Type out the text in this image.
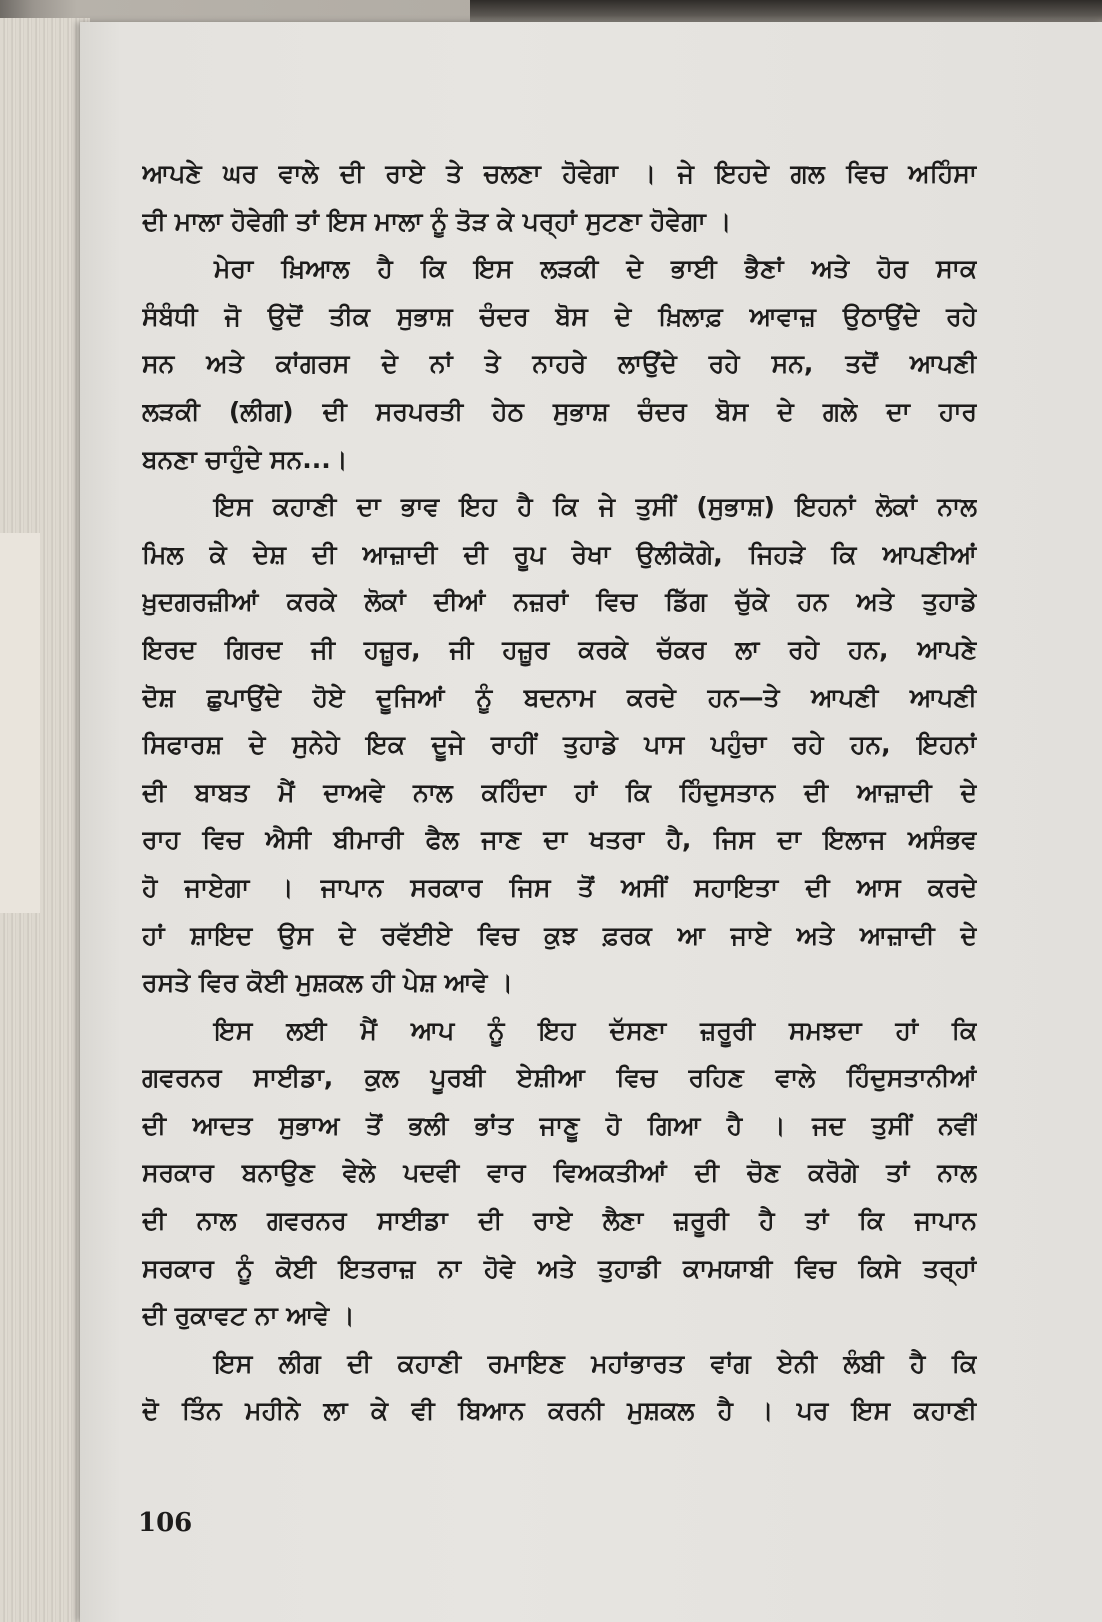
ਆਪਣੇ ਘਰ ਵਾਲੇ ਦੀ ਰਾਏ ਤੇ ਚਲਣਾ ਹੋਵੇਗਾ । ਜੇ ਇਹਦੇ ਗਲ ਵਿਚ ਅਹਿੰਸਾ
ਦੀ ਮਾਲਾ ਹੋਵੇਗੀ ਤਾਂ ਇਸ ਮਾਲਾ ਨੂੰ ਤੋੜ ਕੇ ਪਰ੍ਹਾਂ ਸੁਟਣਾ ਹੋਵੇਗਾ ।
ਮੇਰਾ ਖ਼ਿਆਲ ਹੈ ਕਿ ਇਸ ਲੜਕੀ ਦੇ ਭਾਈ ਭੈਣਾਂ ਅਤੇ ਹੋਰ ਸਾਕ
ਸੰਬੰਧੀ ਜੋ ਉਦੋਂ ਤੀਕ ਸੁਭਾਸ਼ ਚੰਦਰ ਬੋਸ ਦੇ ਖ਼ਿਲਾਫ਼ ਆਵਾਜ਼ ਉਠਾਉਂਦੇ ਰਹੇ
ਸਨ ਅਤੇ ਕਾਂਗਰਸ ਦੇ ਨਾਂ ਤੇ ਨਾਹਰੇ ਲਾਉਂਦੇ ਰਹੇ ਸਨ, ਤਦੋਂ ਆਪਣੀ
ਲੜਕੀ (ਲੀਗ) ਦੀ ਸਰਪਰਤੀ ਹੇਠ ਸੁਭਾਸ਼ ਚੰਦਰ ਬੋਸ ਦੇ ਗਲੇ ਦਾ ਹਾਰ
ਬਨਣਾ ਚਾਹੁੰਦੇ ਸਨ...।
ਇਸ ਕਹਾਣੀ ਦਾ ਭਾਵ ਇਹ ਹੈ ਕਿ ਜੇ ਤੁਸੀਂ (ਸੁਭਾਸ਼) ਇਹਨਾਂ ਲੋਕਾਂ ਨਾਲ
ਮਿਲ ਕੇ ਦੇਸ਼ ਦੀ ਆਜ਼ਾਦੀ ਦੀ ਰੂਪ ਰੇਖਾ ਉਲੀਕੋਗੇ, ਜਿਹੜੇ ਕਿ ਆਪਣੀਆਂ
ਖ਼ੁਦਗਰਜ਼ੀਆਂ ਕਰਕੇ ਲੋਕਾਂ ਦੀਆਂ ਨਜ਼ਰਾਂ ਵਿਚ ਡਿੱਗ ਚੁੱਕੇ ਹਨ ਅਤੇ ਤੁਹਾਡੇ
ਇਰਦ ਗਿਰਦ ਜੀ ਹਜ਼ੂਰ, ਜੀ ਹਜ਼ੂਰ ਕਰਕੇ ਚੱਕਰ ਲਾ ਰਹੇ ਹਨ, ਆਪਣੇ
ਦੋਸ਼ ਛੁਪਾਉਂਦੇ ਹੋਏ ਦੂਜਿਆਂ ਨੂੰ ਬਦਨਾਮ ਕਰਦੇ ਹਨ—ਤੇ ਆਪਣੀ ਆਪਣੀ
ਸਿਫਾਰਸ਼ ਦੇ ਸੁਨੇਹੇ ਇਕ ਦੂਜੇ ਰਾਹੀਂ ਤੁਹਾਡੇ ਪਾਸ ਪਹੁੰਚਾ ਰਹੇ ਹਨ, ਇਹਨਾਂ
ਦੀ ਬਾਬਤ ਮੈਂ ਦਾਅਵੇ ਨਾਲ ਕਹਿੰਦਾ ਹਾਂ ਕਿ ਹਿੰਦੁਸਤਾਨ ਦੀ ਆਜ਼ਾਦੀ ਦੇ
ਰਾਹ ਵਿਚ ਐਸੀ ਬੀਮਾਰੀ ਫੈਲ ਜਾਣ ਦਾ ਖਤਰਾ ਹੈ, ਜਿਸ ਦਾ ਇਲਾਜ ਅਸੰਭਵ
ਹੋ ਜਾਏਗਾ । ਜਾਪਾਨ ਸਰਕਾਰ ਜਿਸ ਤੋਂ ਅਸੀਂ ਸਹਾਇਤਾ ਦੀ ਆਸ ਕਰਦੇ
ਹਾਂ ਸ਼ਾਇਦ ਉਸ ਦੇ ਰਵੱਈਏ ਵਿਚ ਕੁਝ ਫ਼ਰਕ ਆ ਜਾਏ ਅਤੇ ਆਜ਼ਾਦੀ ਦੇ
ਰਸਤੇ ਵਿਰ ਕੋਈ ਮੁਸ਼ਕਲ ਹੀ ਪੇਸ਼ ਆਵੇ ।
ਇਸ ਲਈ ਮੈਂ ਆਪ ਨੂੰ ਇਹ ਦੱਸਣਾ ਜ਼ਰੂਰੀ ਸਮਝਦਾ ਹਾਂ ਕਿ
ਗਵਰਨਰ ਸਾਈਡਾ, ਕੁਲ ਪੂਰਬੀ ਏਸ਼ੀਆ ਵਿਚ ਰਹਿਣ ਵਾਲੇ ਹਿੰਦੁਸਤਾਨੀਆਂ
ਦੀ ਆਦਤ ਸੁਭਾਅ ਤੋਂ ਭਲੀ ਭਾਂਤ ਜਾਣੂ ਹੋ ਗਿਆ ਹੈ । ਜਦ ਤੁਸੀਂ ਨਵੀਂ
ਸਰਕਾਰ ਬਨਾਉਣ ਵੇਲੇ ਪਦਵੀ ਵਾਰ ਵਿਅਕਤੀਆਂ ਦੀ ਚੋਣ ਕਰੋਗੇ ਤਾਂ ਨਾਲ
ਦੀ ਨਾਲ ਗਵਰਨਰ ਸਾਈਡਾ ਦੀ ਰਾਏ ਲੈਣਾ ਜ਼ਰੂਰੀ ਹੈ ਤਾਂ ਕਿ ਜਾਪਾਨ
ਸਰਕਾਰ ਨੂੰ ਕੋਈ ਇਤਰਾਜ਼ ਨਾ ਹੋਵੇ ਅਤੇ ਤੁਹਾਡੀ ਕਾਮਯਾਬੀ ਵਿਚ ਕਿਸੇ ਤਰ੍ਹਾਂ
ਦੀ ਰੁਕਾਵਟ ਨਾ ਆਵੇ ।
ਇਸ ਲੀਗ ਦੀ ਕਹਾਣੀ ਰਮਾਇਣ ਮਹਾਂਭਾਰਤ ਵਾਂਗ ਏਨੀ ਲੰਬੀ ਹੈ ਕਿ
ਦੋ ਤਿੰਨ ਮਹੀਨੇ ਲਾ ਕੇ ਵੀ ਬਿਆਨ ਕਰਨੀ ਮੁਸ਼ਕਲ ਹੈ । ਪਰ ਇਸ ਕਹਾਣੀ
106
